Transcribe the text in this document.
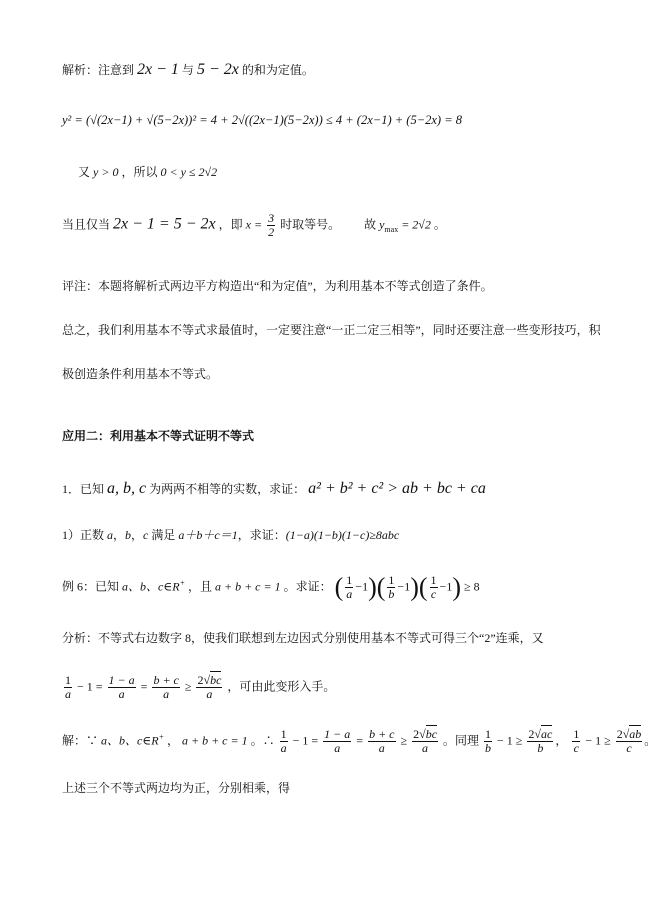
解析：注意到 2x − 1 与 5 − 2x 的和为定值。
y² = (√(2x−1) + √(5−2x))² = 4 + 2√((2x−1)(5−2x)) ≤ 4 + (2x−1) + (5−2x) = 8
又 y > 0 ，所以 0 < y ≤ 2√2
当且仅当 2x − 1 = 5 − 2x ，即 $x = \frac{3}{2}$ 时取等号。 故 $y_{max} = 2√2$ 。
评注：本题将解析式两边平方构造出“和为定值”，为利用基本不等式创造了条件。
总之，我们利用基本不等式求最值时，一定要注意“一正二定三相等”，同时还要注意一些变形技巧，积
极创造条件利用基本不等式。
应用二：利用基本不等式证明不等式
1．已知 a, b, c 为两两不相等的实数，求证： a² + b² + c² > ab + bc + ca
1）正数 a，b，c 满足 a＋b＋c＝1，求证：(1−a)(1−b)(1−c)≥8abc
例 6：已知 a、b、c∈R+ ，且 a + b + c = 1 。求证： ( $\frac{1}{a} -1)( \frac{1}{b} -1)( \frac{1}{c} -1) \ge 8$
分析：不等式右边数字 8，使我们联想到左边因式分别使用基本不等式可得三个“2”连乘，又
$\frac{1}{a} - 1 = \frac{1 - a}{a} = \frac{b + c}{a} \ge \frac{2√bc}{a}$ ，可由此变形入手。
解：∵ a、b、c∈R+ ， a + b + c = 1 。∴ $\frac{1}{a} - 1 = \frac{1 - a}{a} = \frac{b + c}{a} \ge \frac{2√bc}{a}$ 。同理 $\frac{1}{b} - 1 \ge \frac{2√ac}{b}$ ， $\frac{1}{c} - 1 \ge \frac{2√ab}{c}$ 。
上述三个不等式两边均为正，分别相乘，得
